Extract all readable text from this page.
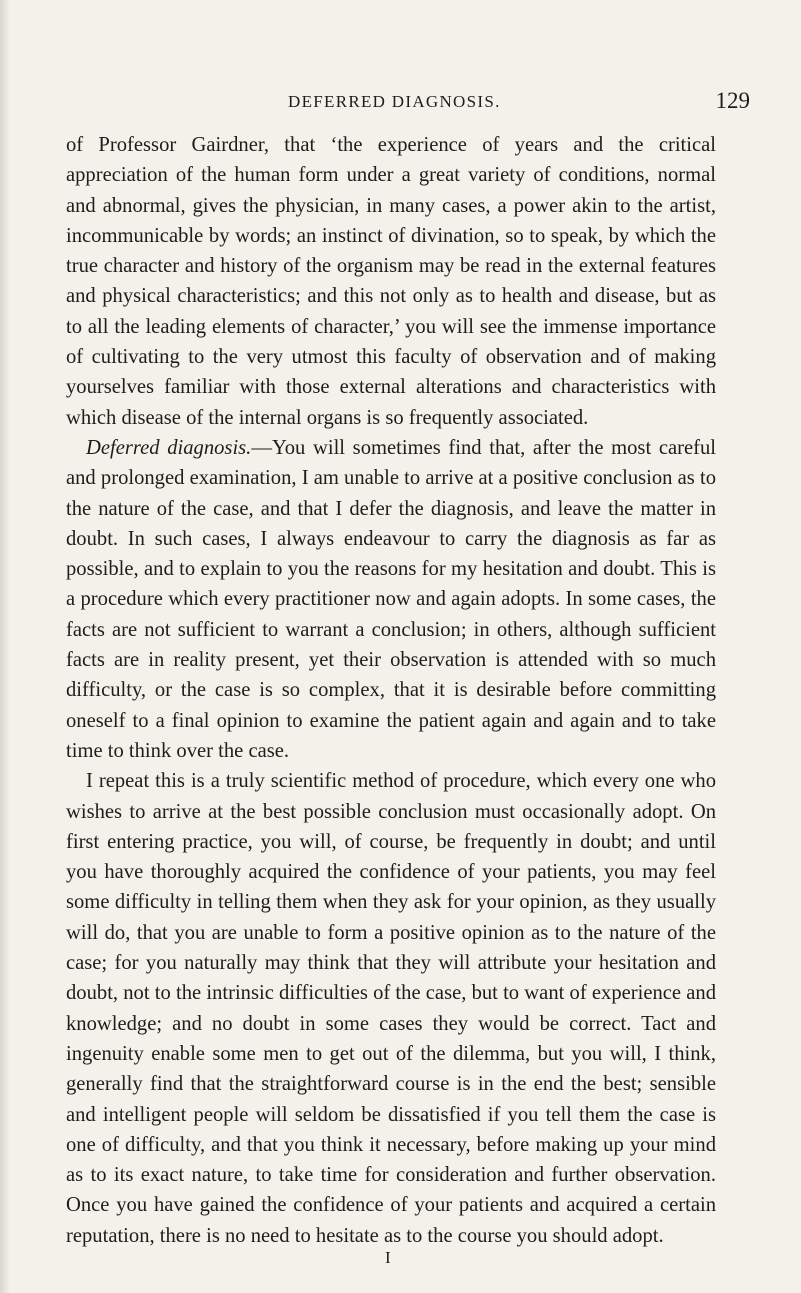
DEFERRED DIAGNOSIS.	129

of Professor Gairdner, that ‘the experience of years and the critical appreciation of the human form under a great variety of conditions, normal and abnormal, gives the physician, in many cases, a power akin to the artist, incommunicable by words; an instinct of divination, so to speak, by which the true character and history of the organism may be read in the external features and physical characteristics; and this not only as to health and disease, but as to all the leading elements of character,’ you will see the immense importance of cultivating to the very utmost this faculty of observation and of making yourselves familiar with those external alterations and characteristics with which disease of the internal organs is so frequently associated.

Deferred diagnosis.—You will sometimes find that, after the most careful and prolonged examination, I am unable to arrive at a positive conclusion as to the nature of the case, and that I defer the diagnosis, and leave the matter in doubt. In such cases, I always endeavour to carry the diagnosis as far as possible, and to explain to you the reasons for my hesitation and doubt. This is a procedure which every practitioner now and again adopts. In some cases, the facts are not sufficient to warrant a conclusion; in others, although sufficient facts are in reality present, yet their observation is attended with so much difficulty, or the case is so complex, that it is desirable before committing oneself to a final opinion to examine the patient again and again and to take time to think over the case.

I repeat this is a truly scientific method of procedure, which every one who wishes to arrive at the best possible conclusion must occasionally adopt. On first entering practice, you will, of course, be frequently in doubt; and until you have thoroughly acquired the confidence of your patients, you may feel some difficulty in telling them when they ask for your opinion, as they usually will do, that you are unable to form a positive opinion as to the nature of the case; for you naturally may think that they will attribute your hesitation and doubt, not to the intrinsic difficulties of the case, but to want of experience and knowledge; and no doubt in some cases they would be correct. Tact and ingenuity enable some men to get out of the dilemma, but you will, I think, generally find that the straightforward course is in the end the best; sensible and intelligent people will seldom be dissatisfied if you tell them the case is one of difficulty, and that you think it necessary, before making up your mind as to its exact nature, to take time for consideration and further observation. Once you have gained the confidence of your patients and acquired a certain reputation, there is no need to hesitate as to the course you should adopt.

I
